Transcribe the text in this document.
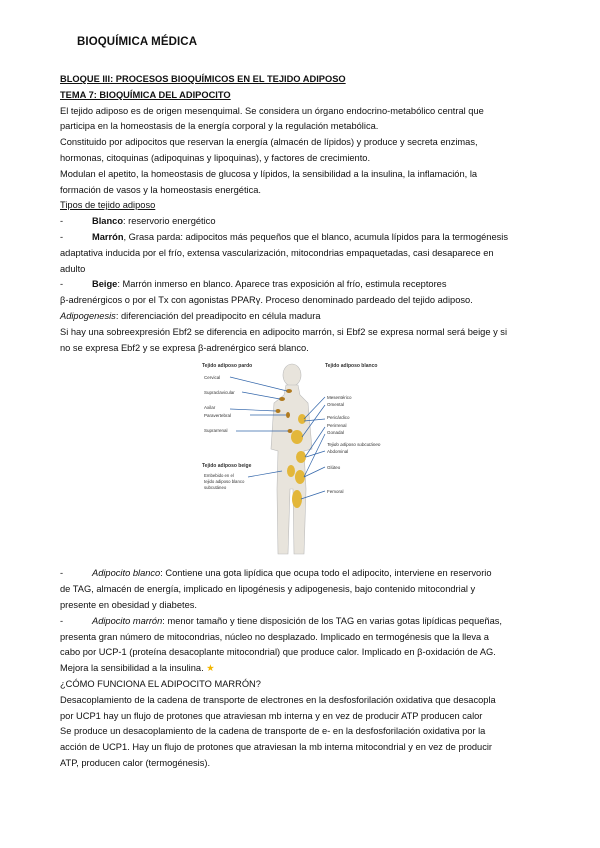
BIOQUÍMICA MÉDICA
BLOQUE III: PROCESOS BIOQUÍMICOS EN EL TEJIDO ADIPOSO
TEMA 7: BIOQUÍMICA DEL ADIPOCITO
El tejido adiposo es de origen mesenquimal. Se considera un órgano endocrino-metabólico central que
participa en la homeostasis de la energía corporal y la regulación metabólica.
Constituido por adipocitos que reservan la energía (almacén de lípidos) y produce y secreta enzimas,
hormonas, citoquinas (adipoquinas y lipoquinas), y factores de crecimiento.
Modulan el apetito, la homeostasis de glucosa y lípidos, la sensibilidad a la insulina, la inflamación, la
formación de vasos y la homeostasis energética.
Tipos de tejido adiposo
-	Blanco: reservorio energético
-	Marrón, Grasa parda: adipocitos más pequeños que el blanco, acumula lípidos para la termogénesis
adaptativa inducida por el frío, extensa vascularización, mitocondrias empaquetadas, casi desaparece en
adulto
-	Beige: Marrón inmerso en blanco. Aparece tras exposición al frío, estimula receptores
β-adrenérgicos o por el Tx con agonistas PPARγ. Proceso denominado pardeado del tejido adiposo.
Adipogenesis: diferenciación del preadipocito en célula madura
Si hay una sobreexpresión Ebf2 se diferencia en adipocito marrón, si Ebf2 se expresa normal será beige y si
no se expresa Ebf2 y se expresa β-adrenérgico será blanco.
Tejido adiposo pardo
Cervical
Supraclavicular
Axilar
Paravertebral
Suprarrenal
Tejido adiposo beige
Embebido en el
tejido adiposo blanco
subcutáneo
Tejido adiposo blanco
Mesentérico
Omental
Pericárdico
Perirrenal
Gonadal
Tejido adiposo subcutáneo
Abdominal
Glúteo
Femoral
-	Adipocito blanco: Contiene una gota lipídica que ocupa todo el adipocito, interviene en reservorio
de TAG, almacén de energía, implicado en lipogénesis y adipogenesis, bajo contenido mitocondrial y
presente en obesidad y diabetes.
-	Adipocito marrón: menor tamaño y tiene disposición de los TAG en varias gotas lipídicas pequeñas,
presenta gran número de mitocondrias, núcleo no desplazado. Implicado en termogénesis que la lleva a
cabo por UCP-1 (proteína desacoplante mitocondrial) que produce calor. Implicado en β-oxidación de AG.
Mejora la sensibilidad a la insulina. ★
¿CÓMO FUNCIONA EL ADIPOCITO MARRÓN?
Desacoplamiento de la cadena de transporte de electrones en la desfosforilación oxidativa que desacopla
por UCP1 hay un flujo de protones que atraviesan mb interna y en vez de producir ATP producen calor
Se produce un desacoplamiento de la cadena de transporte de e- en la desfosforilación oxidativa por la
acción de UCP1. Hay un flujo de protones que atraviesan la mb interna mitocondrial y en vez de producir
ATP, producen calor (termogénesis).
